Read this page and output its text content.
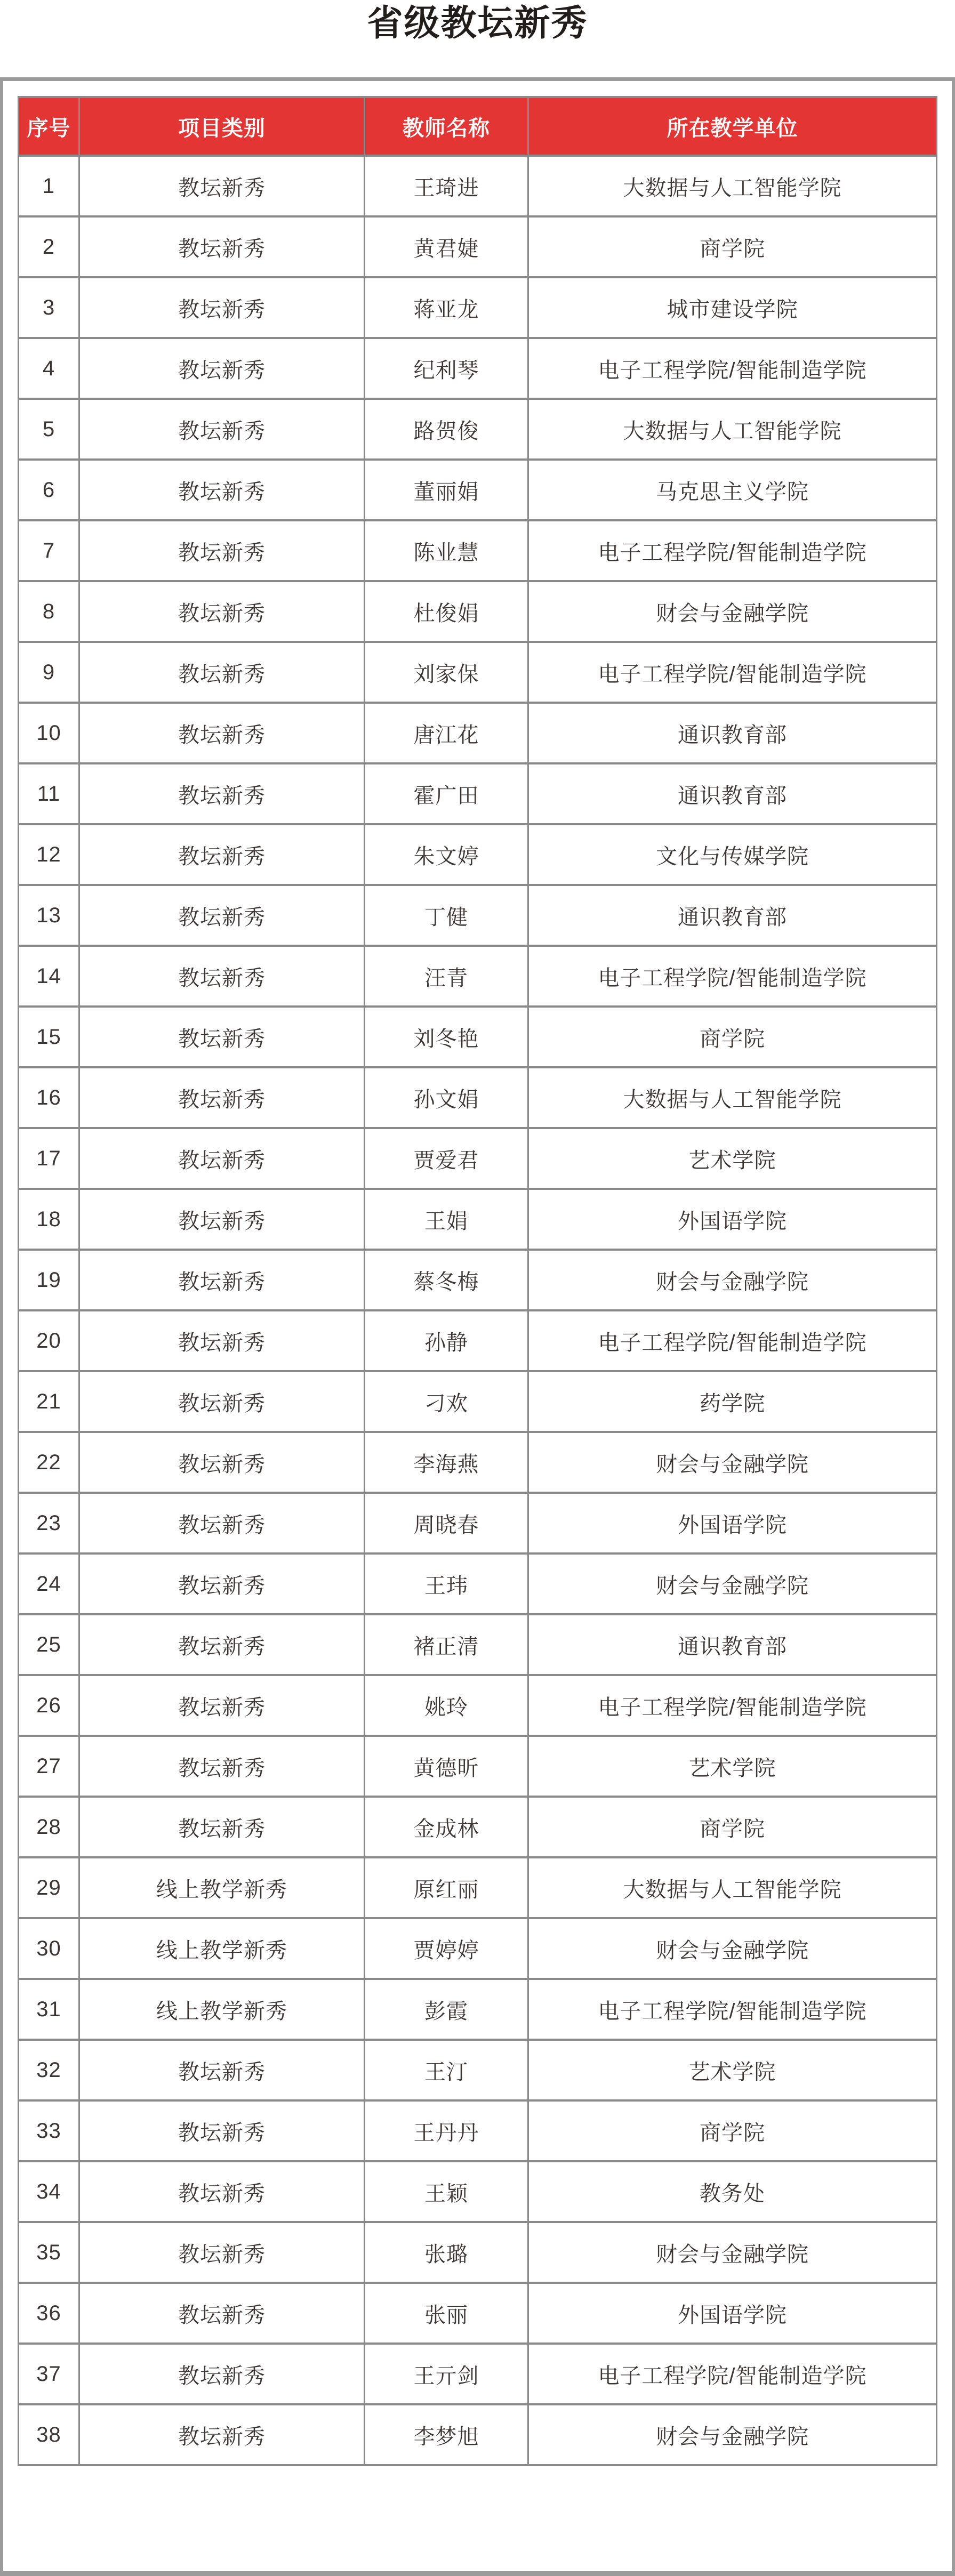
省级教坛新秀
序号	项目类别	教师名称	所在教学单位
1	教坛新秀	王琦进	大数据与人工智能学院
2	教坛新秀	黄君婕	商学院
3	教坛新秀	蒋亚龙	城市建设学院
4	教坛新秀	纪利琴	电子工程学院/智能制造学院
5	教坛新秀	路贺俊	大数据与人工智能学院
6	教坛新秀	董丽娟	马克思主义学院
7	教坛新秀	陈业慧	电子工程学院/智能制造学院
8	教坛新秀	杜俊娟	财会与金融学院
9	教坛新秀	刘家保	电子工程学院/智能制造学院
10	教坛新秀	唐江花	通识教育部
11	教坛新秀	霍广田	通识教育部
12	教坛新秀	朱文婷	文化与传媒学院
13	教坛新秀	丁健	通识教育部
14	教坛新秀	汪青	电子工程学院/智能制造学院
15	教坛新秀	刘冬艳	商学院
16	教坛新秀	孙文娟	大数据与人工智能学院
17	教坛新秀	贾爱君	艺术学院
18	教坛新秀	王娟	外国语学院
19	教坛新秀	蔡冬梅	财会与金融学院
20	教坛新秀	孙静	电子工程学院/智能制造学院
21	教坛新秀	刁欢	药学院
22	教坛新秀	李海燕	财会与金融学院
23	教坛新秀	周晓春	外国语学院
24	教坛新秀	王玮	财会与金融学院
25	教坛新秀	褚正清	通识教育部
26	教坛新秀	姚玲	电子工程学院/智能制造学院
27	教坛新秀	黄德昕	艺术学院
28	教坛新秀	金成林	商学院
29	线上教学新秀	原红丽	大数据与人工智能学院
30	线上教学新秀	贾婷婷	财会与金融学院
31	线上教学新秀	彭霞	电子工程学院/智能制造学院
32	教坛新秀	王汀	艺术学院
33	教坛新秀	王丹丹	商学院
34	教坛新秀	王颖	教务处
35	教坛新秀	张璐	财会与金融学院
36	教坛新秀	张丽	外国语学院
37	教坛新秀	王亓剑	电子工程学院/智能制造学院
38	教坛新秀	李梦旭	财会与金融学院
